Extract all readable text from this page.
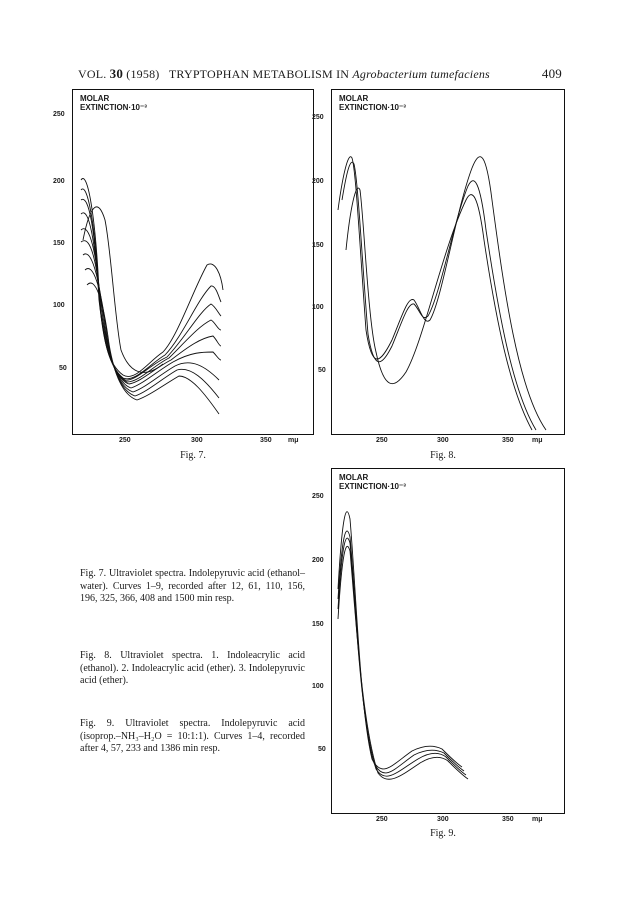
VOL. 30 (1958) TRYPTOPHAN METABOLISM IN Agrobacterium tumefaciens	409
MOLAR
EXTINCTION·10⁻³
250
200
150
100
50
250	300	350 mμ
Fig. 7.
MOLAR
EXTINCTION·10⁻³
250
200
150
100
50
250	300	350	mμ
Fig. 8.
MOLAR
EXTINCTION·10⁻³
250
200
150
100
50
250	300	350	mμ
Fig. 9.
Fig. 7. Ultraviolet spectra. Indolepyruvic acid (ethanol–water). Curves 1–9, recorded after 12, 61, 110, 156, 196, 325, 366, 408 and 1500 min resp.
Fig. 8. Ultraviolet spectra. 1. Indoleacrylic acid (ethanol). 2. Indoleacrylic acid (ether). 3. Indolepyruvic acid (ether).
Fig. 9. Ultraviolet spectra. Indolepyruvic acid (isoprop.–NH₃–H₂O = 10:1:1). Curves 1–4, recorded after 4, 57, 233 and 1386 min resp.
